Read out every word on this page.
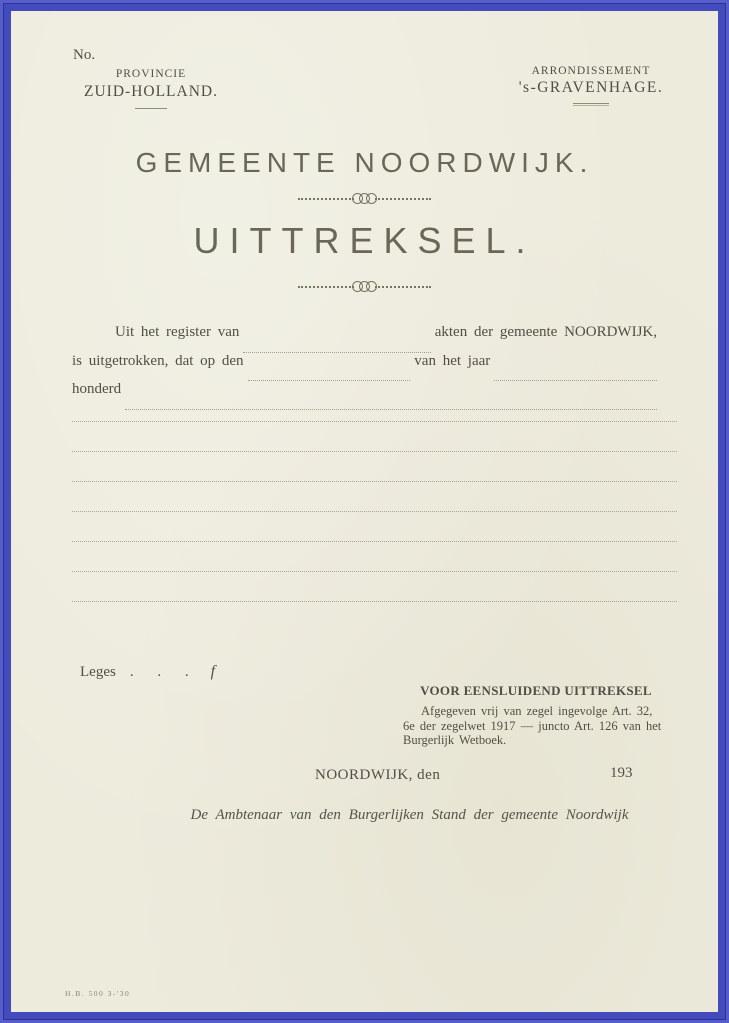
No.
PROVINCIE
ZUID-HOLLAND.
ARRONDISSEMENT
's-GRAVENHAGE.
GEMEENTE NOORDWIJK.
UITTREKSEL.
Uit het register van	akten der gemeente NOORDWIJK,
is uitgetrokken, dat op den	van het jaar
honderd
Leges . . . f
VOOR EENSLUIDEND UITTREKSEL
Afgegeven vrij van zegel ingevolge Art. 32, 6e der zegelwet 1917 — juncto Art. 126 van het Burgerlijk Wetboek.
NOORDWIJK, den	193
De Ambtenaar van den Burgerlijken Stand der gemeente Noordwijk
H.B. 500 3-'30
